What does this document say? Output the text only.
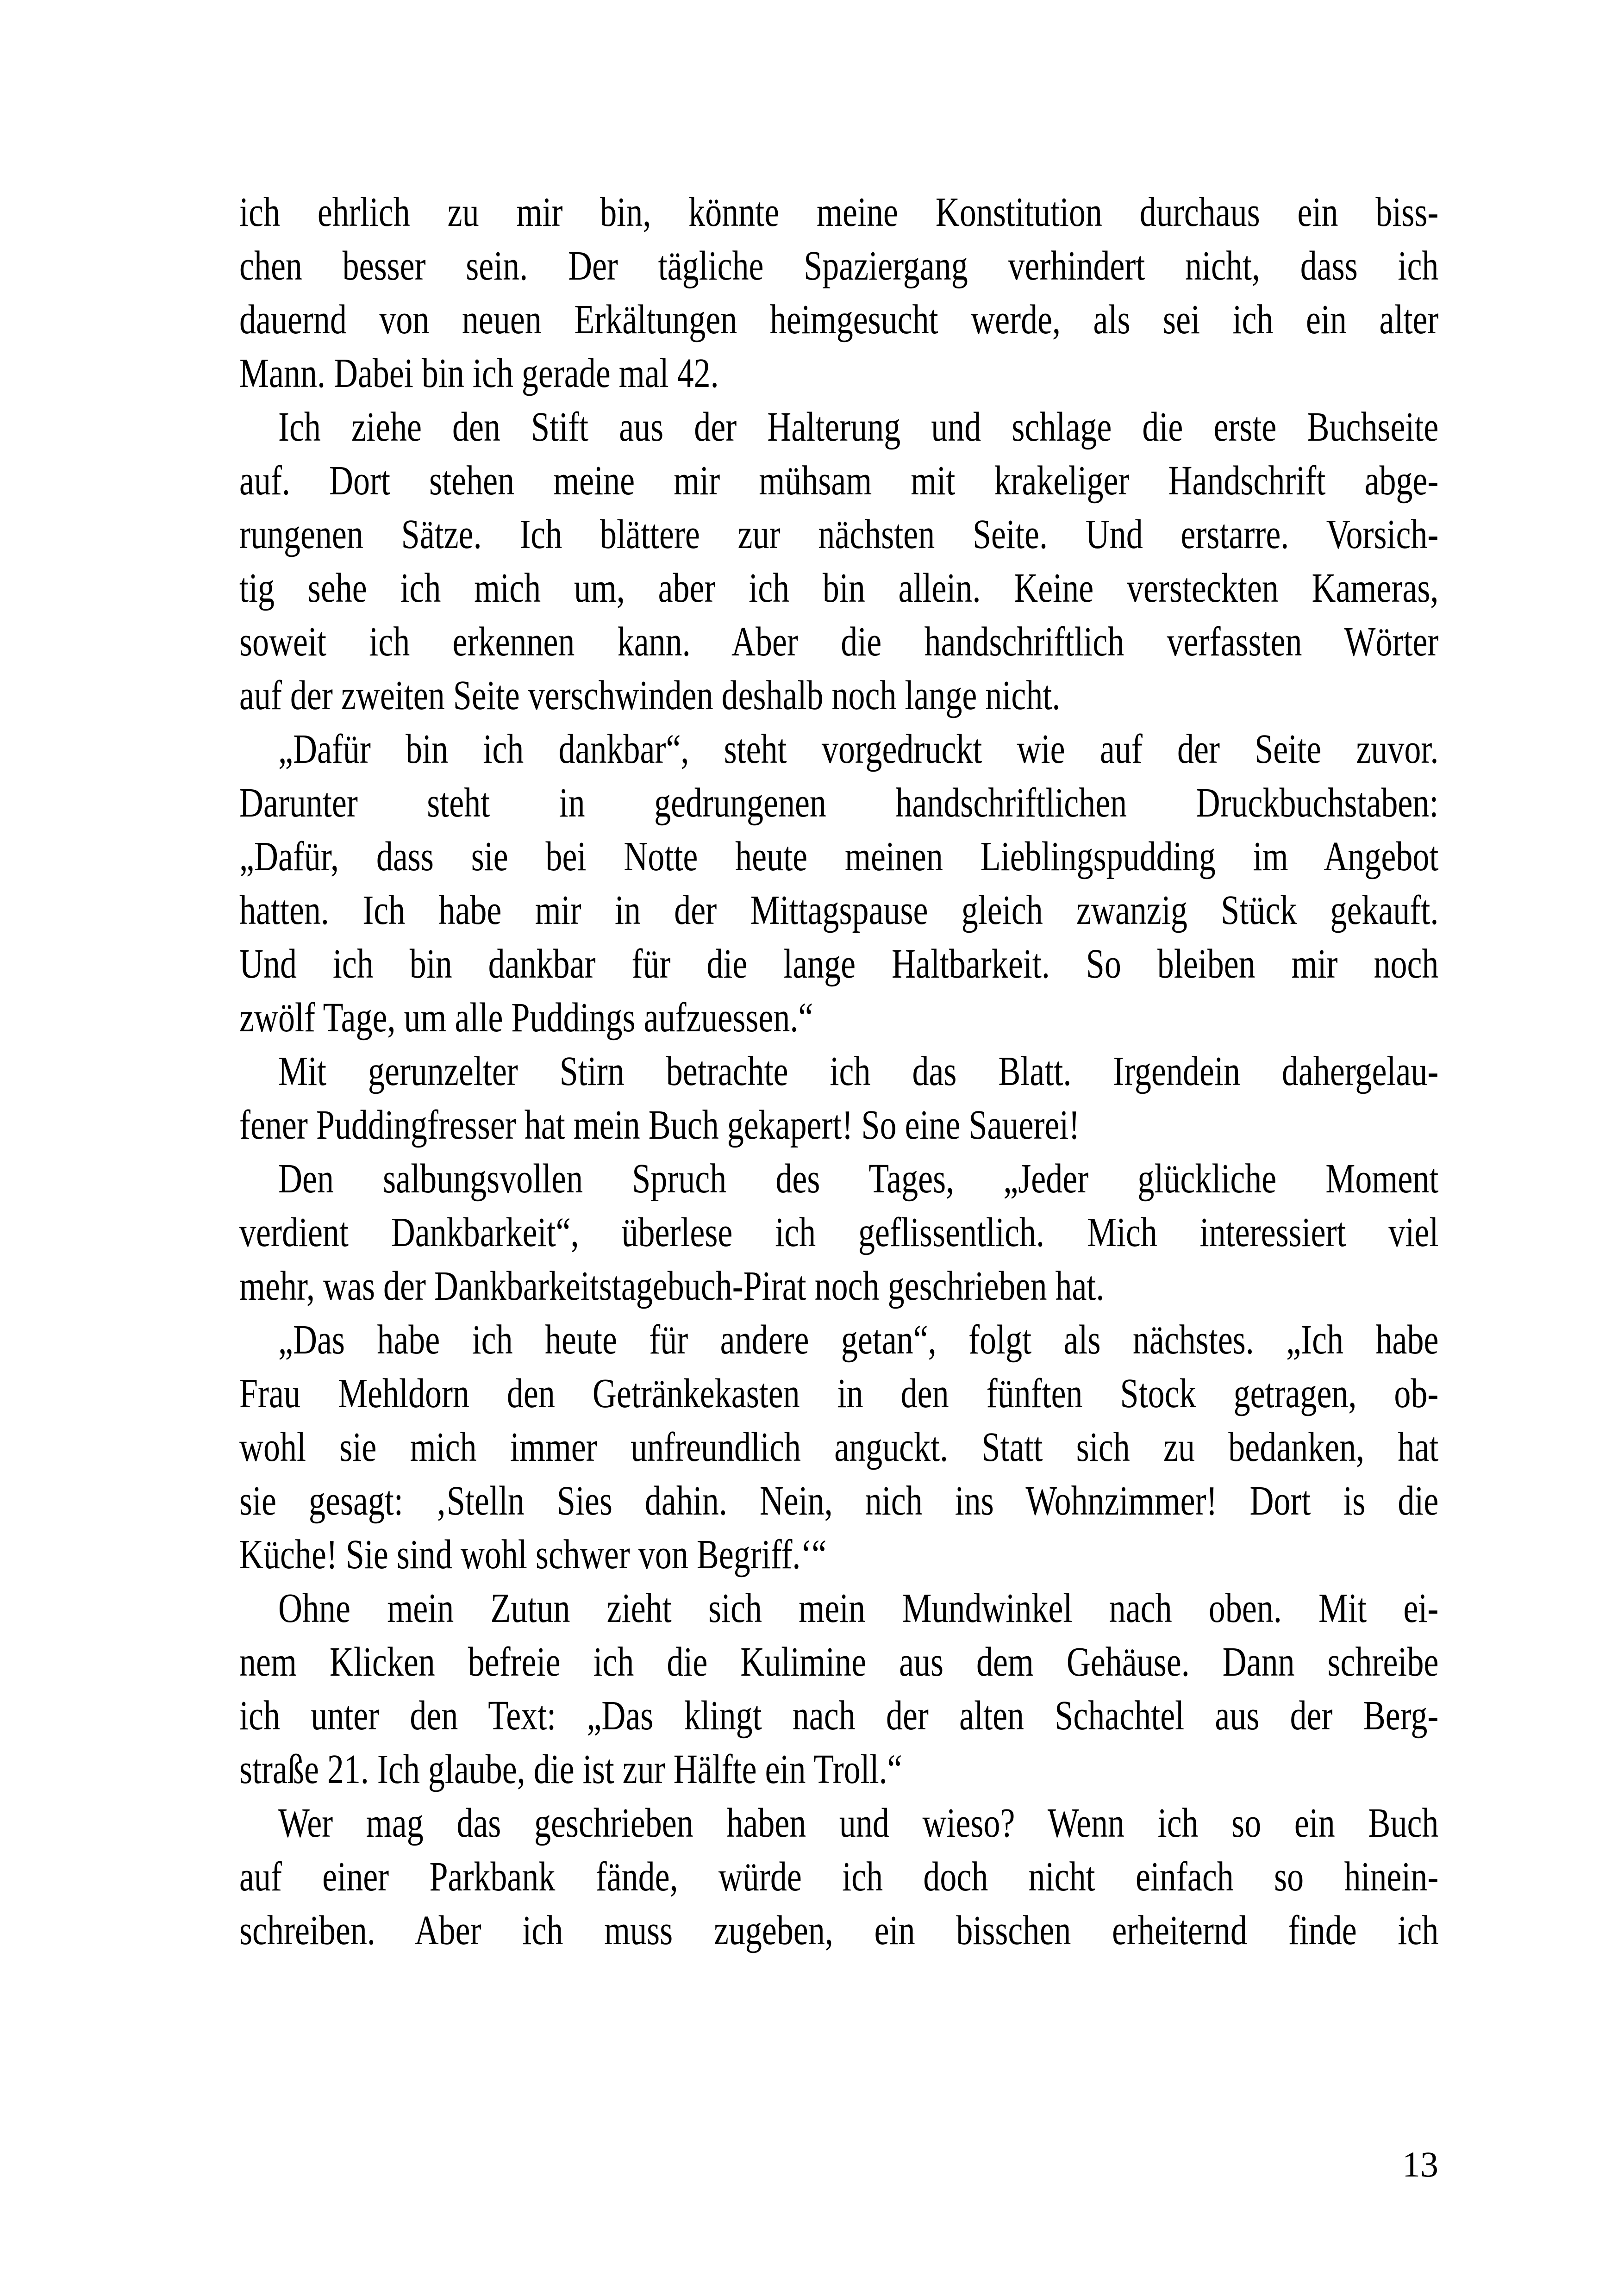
ich ehrlich zu mir bin, könnte meine Konstitution durchaus ein biss-
chen besser sein. Der tägliche Spaziergang verhindert nicht, dass ich
dauernd von neuen Erkältungen heimgesucht werde, als sei ich ein alter
Mann. Dabei bin ich gerade mal 42.
Ich ziehe den Stift aus der Halterung und schlage die erste Buchseite
auf. Dort stehen meine mir mühsam mit krakeliger Handschrift abge-
rungenen Sätze. Ich blättere zur nächsten Seite. Und erstarre. Vorsich-
tig sehe ich mich um, aber ich bin allein. Keine versteckten Kameras,
soweit ich erkennen kann. Aber die handschriftlich verfassten Wörter
auf der zweiten Seite verschwinden deshalb noch lange nicht.
„Dafür bin ich dankbar“, steht vorgedruckt wie auf der Seite zuvor.
Darunter steht in gedrungenen handschriftlichen Druckbuchstaben:
„Dafür, dass sie bei Notte heute meinen Lieblingspudding im Angebot
hatten. Ich habe mir in der Mittagspause gleich zwanzig Stück gekauft.
Und ich bin dankbar für die lange Haltbarkeit. So bleiben mir noch
zwölf Tage, um alle Puddings aufzuessen.“
Mit gerunzelter Stirn betrachte ich das Blatt. Irgendein dahergelau-
fener Puddingfresser hat mein Buch gekapert! So eine Sauerei!
Den salbungsvollen Spruch des Tages, „Jeder glückliche Moment
verdient Dankbarkeit“, überlese ich geflissentlich. Mich interessiert viel
mehr, was der Dankbarkeitstagebuch-Pirat noch geschrieben hat.
„Das habe ich heute für andere getan“, folgt als nächstes. „Ich habe
Frau Mehldorn den Getränkekasten in den fünften Stock getragen, ob-
wohl sie mich immer unfreundlich anguckt. Statt sich zu bedanken, hat
sie gesagt: ‚Stelln Sies dahin. Nein, nich ins Wohnzimmer! Dort is die
Küche! Sie sind wohl schwer von Begriff.‘“
Ohne mein Zutun zieht sich mein Mundwinkel nach oben. Mit ei-
nem Klicken befreie ich die Kulimine aus dem Gehäuse. Dann schreibe
ich unter den Text: „Das klingt nach der alten Schachtel aus der Berg-
straße 21. Ich glaube, die ist zur Hälfte ein Troll.“
Wer mag das geschrieben haben und wieso? Wenn ich so ein Buch
auf einer Parkbank fände, würde ich doch nicht einfach so hinein-
schreiben. Aber ich muss zugeben, ein bisschen erheiternd finde ich
13
